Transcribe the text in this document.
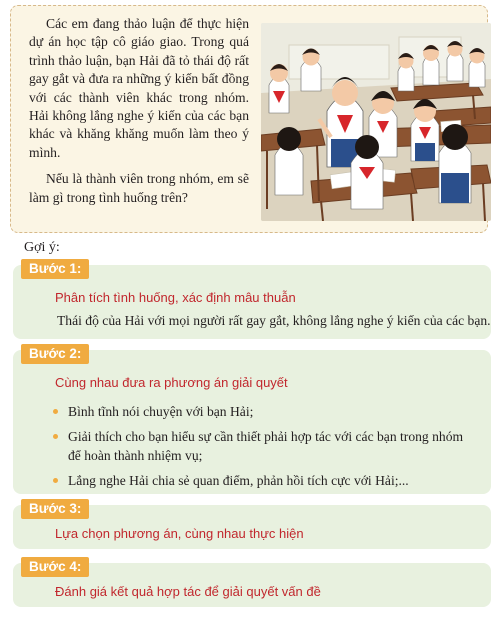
Các em đang thảo luận để thực hiện dự án học tập cô giáo giao. Trong quá trình thảo luận, bạn Hải đã tỏ thái độ rất gay gắt và đưa ra những ý kiến bất đồng với các thành viên khác trong nhóm. Hải không lắng nghe ý kiến của các bạn khác và khăng khăng muốn làm theo ý mình.

Nếu là thành viên trong nhóm, em sẽ làm gì trong tình huống trên?

Gợi ý:

Bước 1:

Phân tích tình huống, xác định mâu thuẫn

Thái độ của Hải với mọi người rất gay gắt, không lắng nghe ý kiến của các bạn.

Bước 2:

Cùng nhau đưa ra phương án giải quyết

Bình tĩnh nói chuyện với bạn Hải;
Giải thích cho bạn hiểu sự cần thiết phải hợp tác với các bạn trong nhóm để hoàn thành nhiệm vụ;
Lắng nghe Hải chia sẻ quan điểm, phản hồi tích cực với Hải;...
Bước 3:

Lựa chọn phương án, cùng nhau thực hiện

Bước 4:

Đánh giá kết quả hợp tác để giải quyết vấn đề
